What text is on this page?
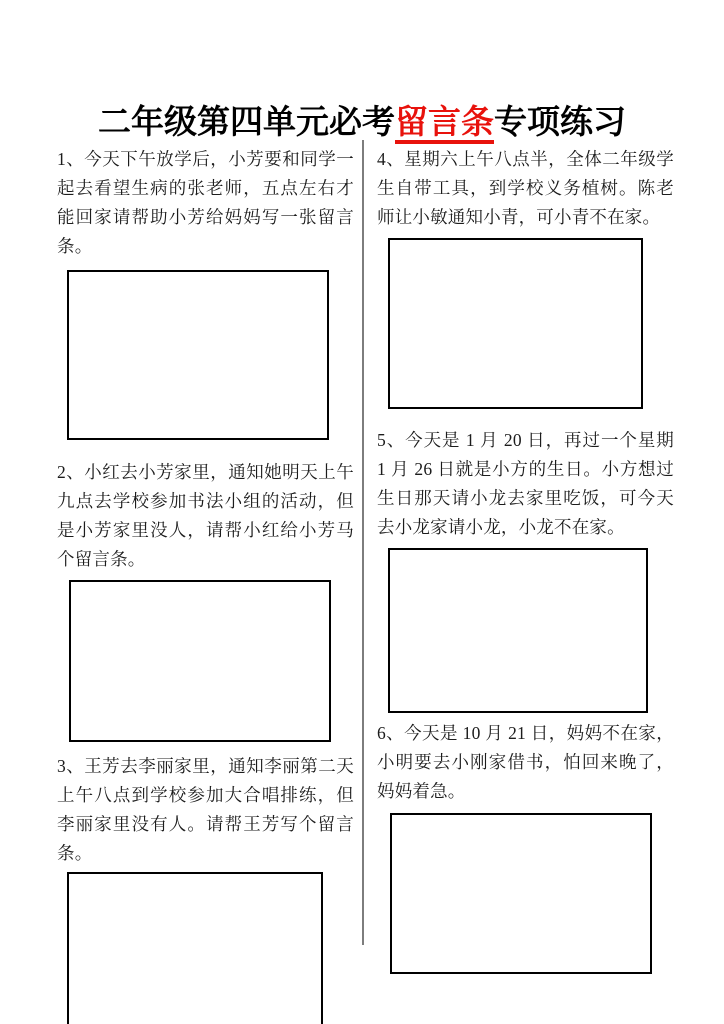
二年级第四单元必考留言条专项练习

1、今天下午放学后，小芳要和同学一起去看望生病的张老师，五点左右才能回家请帮助小芳给妈妈写一张留言条。

2、小红去小芳家里，通知她明天上午九点去学校参加书法小组的活动，但是小芳家里没人，请帮小红给小芳马个留言条。

3、王芳去李丽家里，通知李丽第二天上午八点到学校参加大合唱排练，但李丽家里没有人。请帮王芳写个留言条。

4、星期六上午八点半，全体二年级学生自带工具，到学校义务植树。陈老师让小敏通知小青，可小青不在家。

5、今天是 1 月 20 日，再过一个星期 1 月 26 日就是小方的生日。小方想过生日那天请小龙去家里吃饭，可今天去小龙家请小龙，小龙不在家。

6、今天是 10 月 21 日，妈妈不在家，小明要去小刚家借书，怕回来晚了，妈妈着急。
